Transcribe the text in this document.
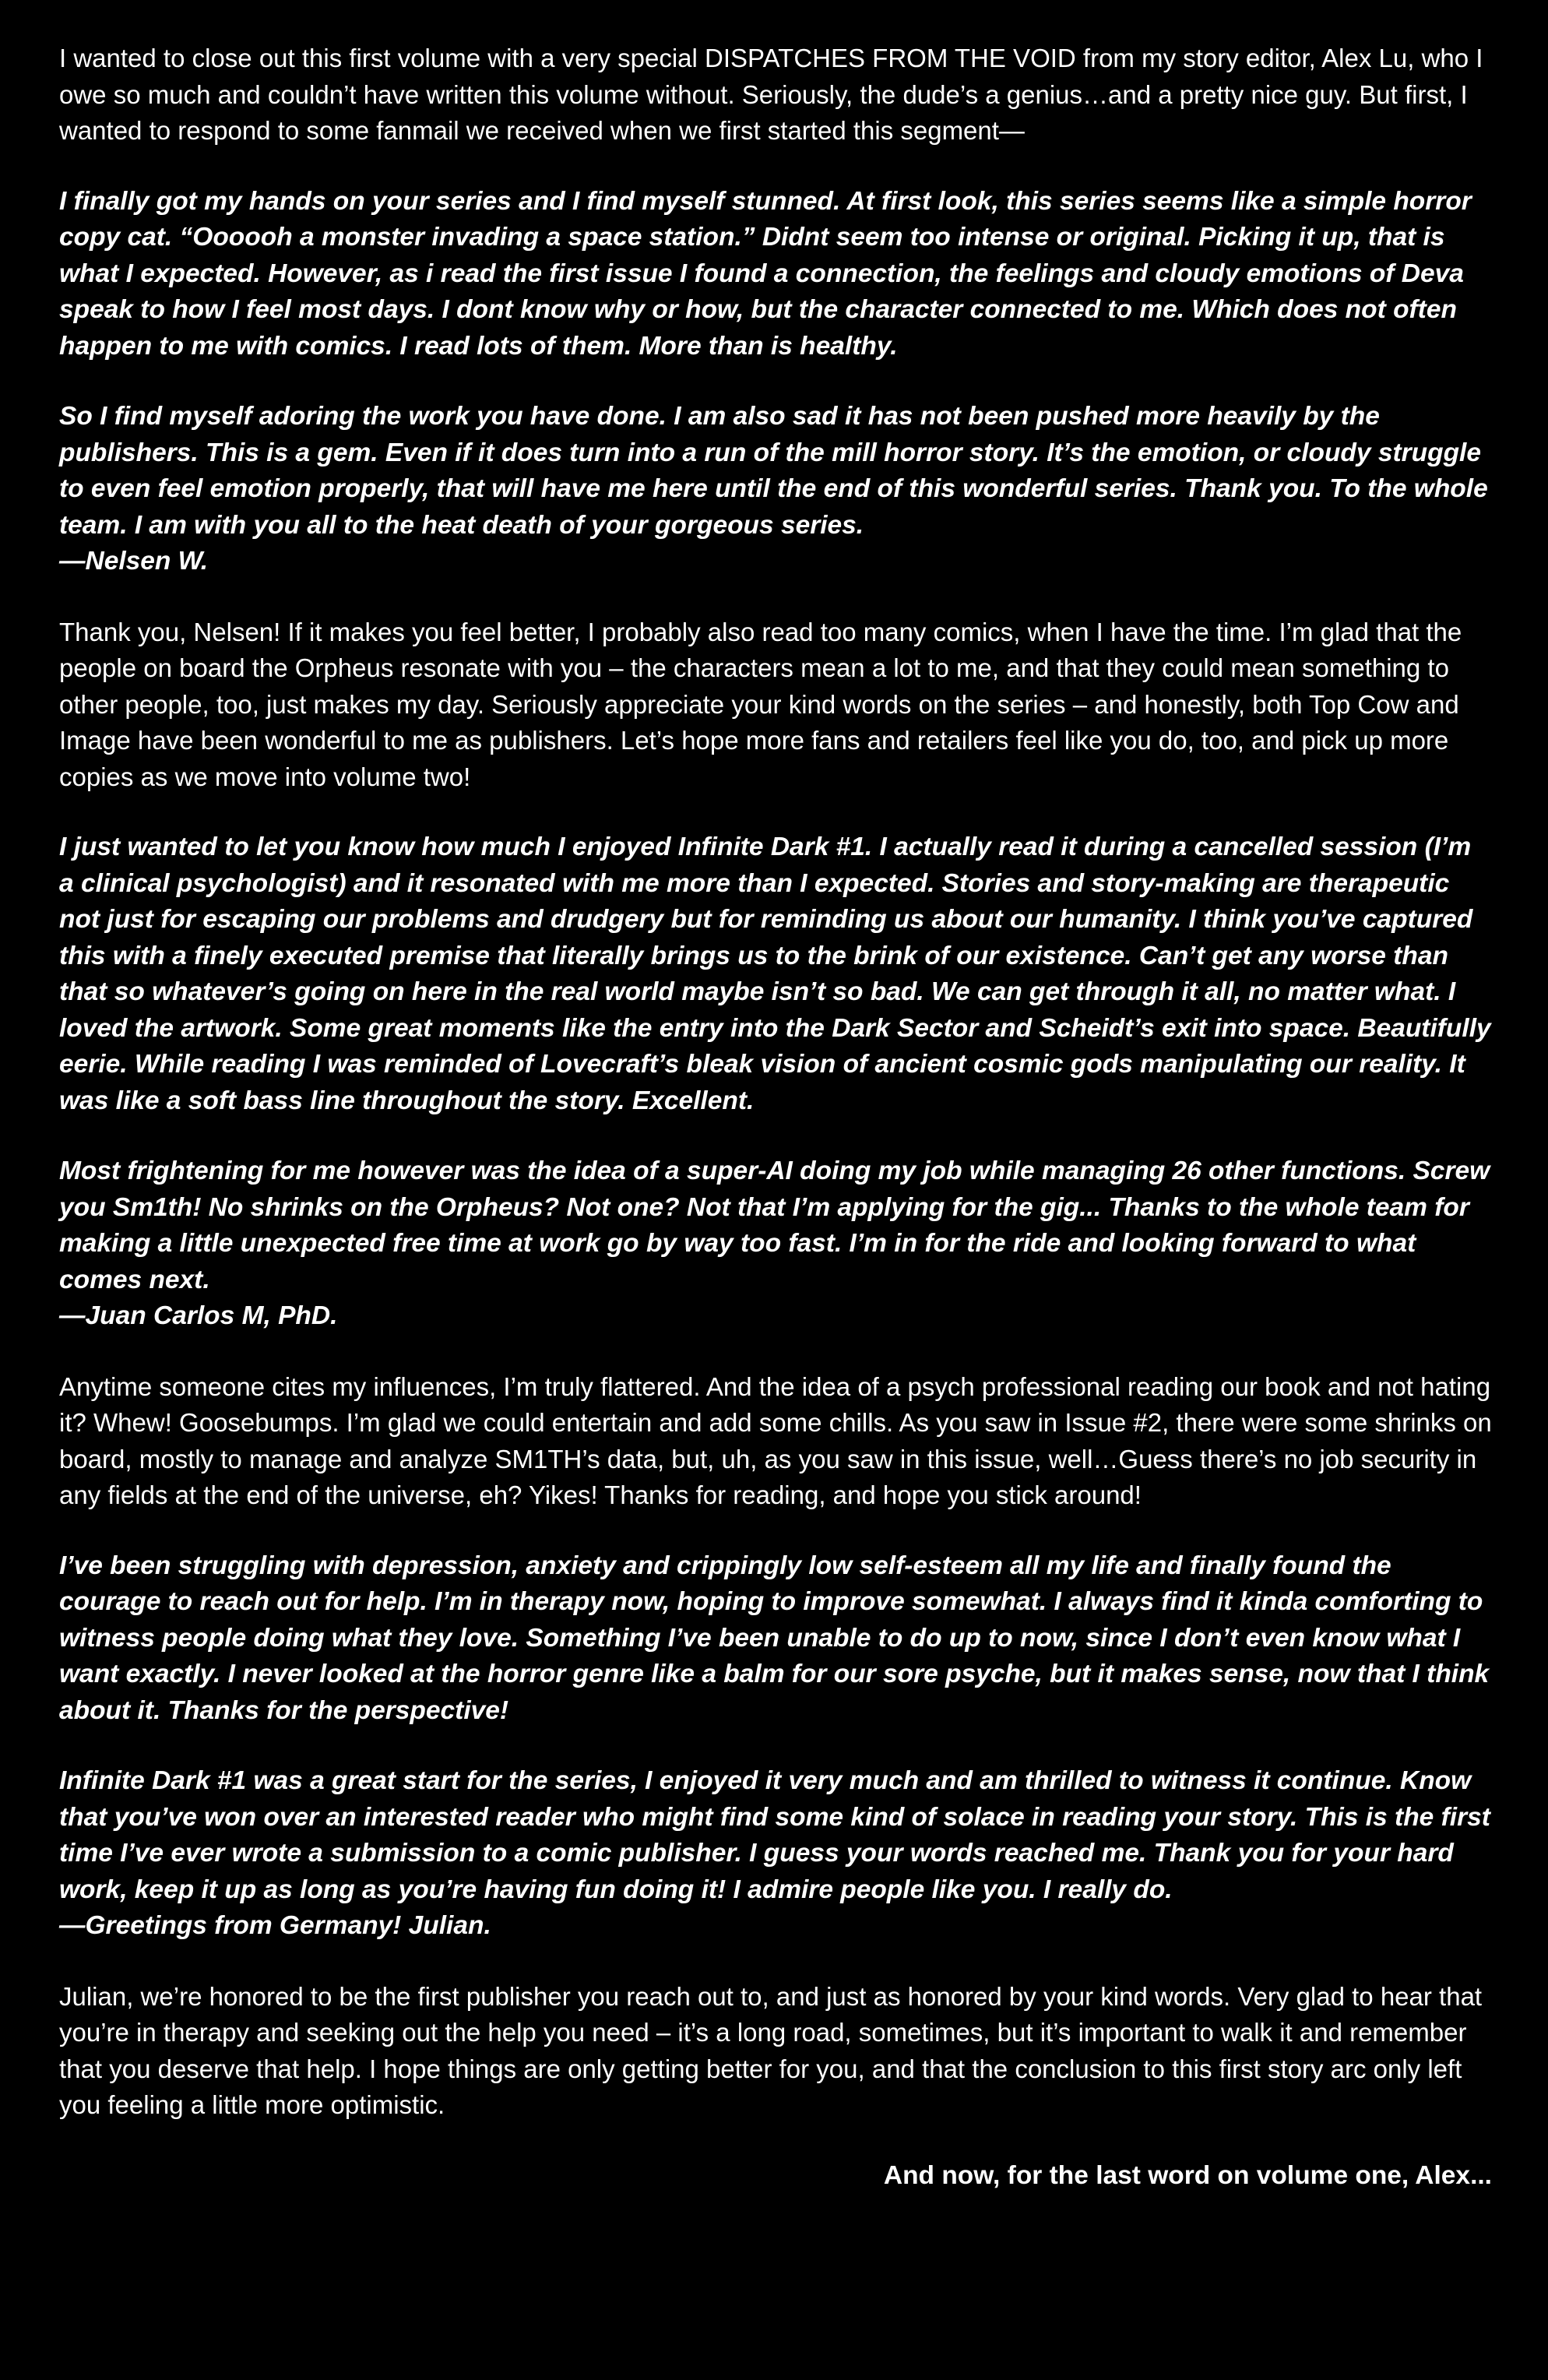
I wanted to close out this first volume with a very special DISPATCHES FROM THE VOID from my story editor, Alex Lu, who I owe so much and couldn’t have written this volume without. Seriously, the dude’s a genius…and a pretty nice guy. But first, I wanted to respond to some fanmail we received when we first started this segment—

I finally got my hands on your series and I find myself stunned. At first look, this series seems like a simple horror copy cat. “Oooooh a monster invading a space station.” Didnt seem too intense or original. Picking it up, that is what I expected. However, as i read the first issue I found a connection, the feelings and cloudy emotions of Deva speak to how I feel most days. I dont know why or how, but the character connected to me. Which does not often happen to me with comics. I read lots of them. More than is healthy.

So I find myself adoring the work you have done. I am also sad it has not been pushed more heavily by the publishers. This is a gem. Even if it does turn into a run of the mill horror story. It’s the emotion, or cloudy struggle to even feel emotion properly, that will have me here until the end of this wonderful series. Thank you. To the whole team. I am with you all to the heat death of your gorgeous series.
—Nelsen W.

Thank you, Nelsen! If it makes you feel better, I probably also read too many comics, when I have the time. I’m glad that the people on board the Orpheus resonate with you – the characters mean a lot to me, and that they could mean something to other people, too, just makes my day. Seriously appreciate your kind words on the series – and honestly, both Top Cow and Image have been wonderful to me as publishers. Let’s hope more fans and retailers feel like you do, too, and pick up more copies as we move into volume two!

I just wanted to let you know how much I enjoyed Infinite Dark #1. I actually read it during a cancelled session (I’m a clinical psychologist) and it resonated with me more than I expected. Stories and story-making are therapeutic not just for escaping our problems and drudgery but for reminding us about our humanity. I think you’ve captured this with a finely executed premise that literally brings us to the brink of our existence. Can’t get any worse than that so whatever’s going on here in the real world maybe isn’t so bad. We can get through it all, no matter what. I loved the artwork. Some great moments like the entry into the Dark Sector and Scheidt’s exit into space. Beautifully eerie. While reading I was reminded of Lovecraft’s bleak vision of ancient cosmic gods manipulating our reality. It was like a soft bass line throughout the story. Excellent.

Most frightening for me however was the idea of a super-AI doing my job while managing 26 other functions. Screw you Sm1th! No shrinks on the Orpheus? Not one? Not that I’m applying for the gig... Thanks to the whole team for making a little unexpected free time at work go by way too fast. I’m in for the ride and looking forward to what comes next.
—Juan Carlos M, PhD.

Anytime someone cites my influences, I’m truly flattered. And the idea of a psych professional reading our book and not hating it? Whew! Goosebumps. I’m glad we could entertain and add some chills. As you saw in Issue #2, there were some shrinks on board, mostly to manage and analyze SM1TH’s data, but, uh, as you saw in this issue, well…Guess there’s no job security in any fields at the end of the universe, eh? Yikes! Thanks for reading, and hope you stick around!

I’ve been struggling with depression, anxiety and crippingly low self-esteem all my life and finally found the courage to reach out for help. I’m in therapy now, hoping to improve somewhat. I always find it kinda comforting to witness people doing what they love. Something I’ve been unable to do up to now, since I don’t even know what I want exactly. I never looked at the horror genre like a balm for our sore psyche, but it makes sense, now that I think about it. Thanks for the perspective!

Infinite Dark #1 was a great start for the series, I enjoyed it very much and am thrilled to witness it continue. Know that you’ve won over an interested reader who might find some kind of solace in reading your story. This is the first time I’ve ever wrote a submission to a comic publisher. I guess your words reached me. Thank you for your hard work, keep it up as long as you’re having fun doing it! I admire people like you. I really do.
—Greetings from Germany! Julian.

Julian, we’re honored to be the first publisher you reach out to, and just as honored by your kind words. Very glad to hear that you’re in therapy and seeking out the help you need – it’s a long road, sometimes, but it’s important to walk it and remember that you deserve that help. I hope things are only getting better for you, and that the conclusion to this first story arc only left you feeling a little more optimistic.

And now, for the last word on volume one, Alex...
